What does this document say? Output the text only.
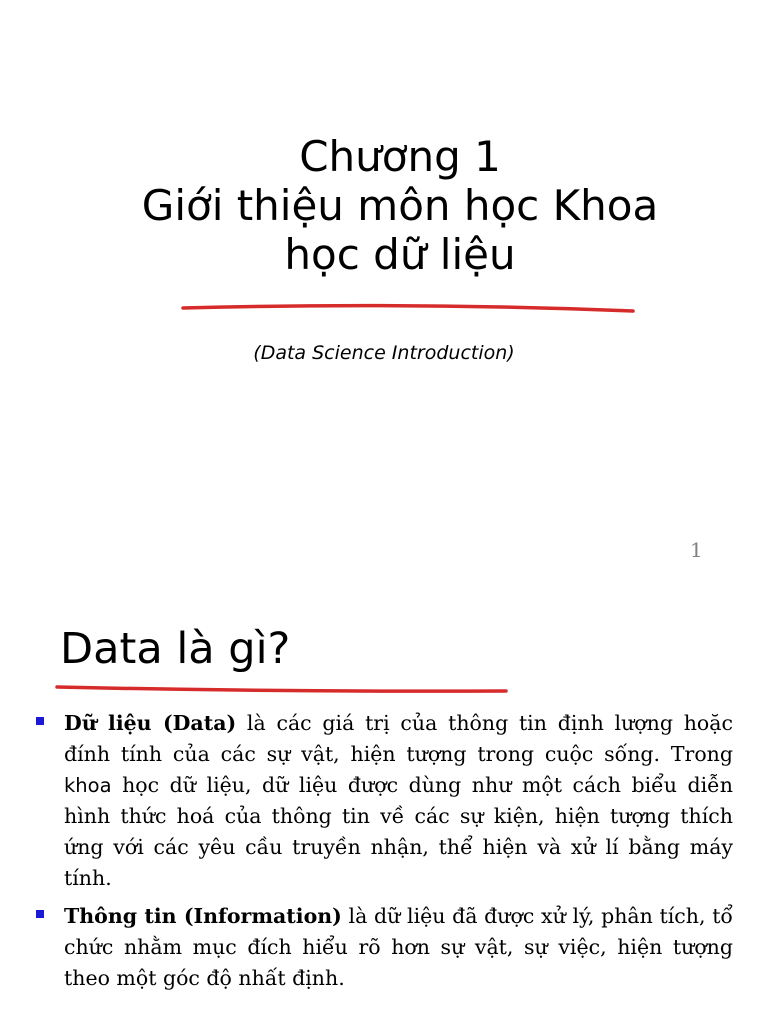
Chương 1
Giới thiệu môn học Khoa
học dữ liệu

(Data Science Introduction)

1
Data là gì?
Dữ liệu (Data) là các giá trị của thông tin định lượng hoặc đính tính của các sự vật, hiện tượng trong cuộc sống. Trong khoa học dữ liệu, dữ liệu được dùng như một cách biểu diễn hình thức hoá của thông tin về các sự kiện, hiện tượng thích ứng với các yêu cầu truyền nhận, thể hiện và xử lí bằng máy tính.
Thông tin (Information) là dữ liệu đã được xử lý, phân tích, tổ chức nhằm mục đích hiểu rõ hơn sự vật, sự việc, hiện tượng theo một góc độ nhất định.
